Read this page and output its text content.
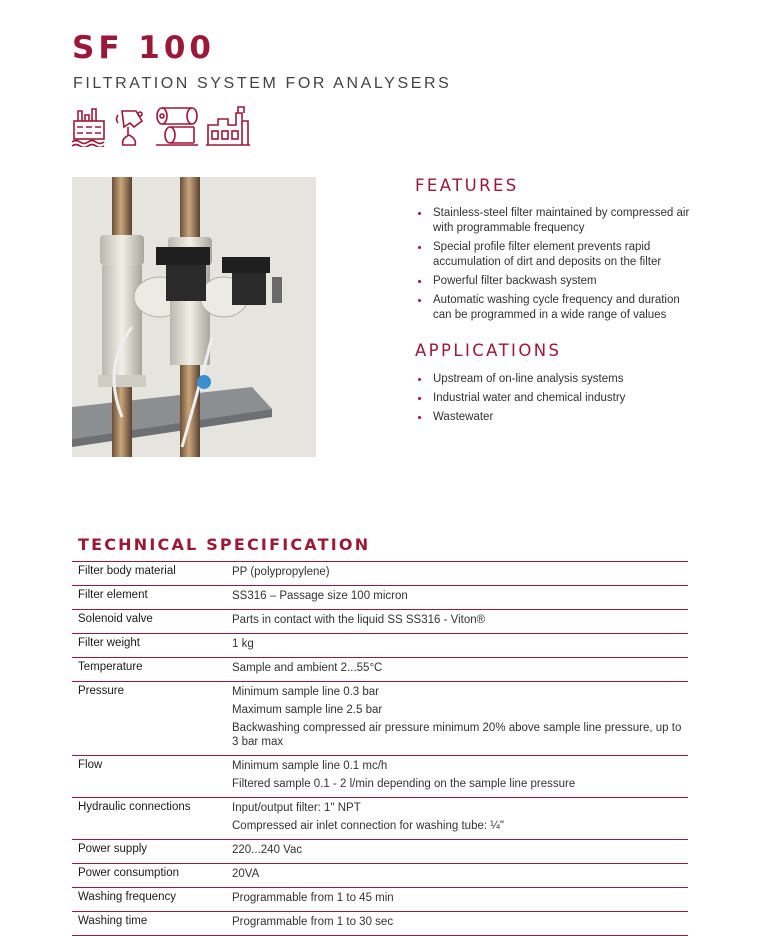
SF 100
FILTRATION SYSTEM FOR ANALYSERS
FEATURES
Stainless-steel filter maintained by compressed air with programmable frequency
Special profile filter element prevents rapid accumulation of dirt and deposits on the filter
Powerful filter backwash system
Automatic washing cycle frequency and duration can be programmed in a wide range of values
APPLICATIONS
Upstream of on-line analysis systems
Industrial water and chemical industry
Wastewater
TECHNICAL SPECIFICATION
Filter body material	PP (polypropylene)

Filter element	SS316 – Passage size 100 micron

Solenoid valve	Parts in contact with the liquid SS SS316 - Viton®

Filter weight	1 kg

Temperature	Sample and ambient 2...55°C

Pressure	Minimum sample line 0.3 bar
Maximum sample line 2.5 bar
Backwashing compressed air pressure minimum 20% above sample line pressure, up to 3 bar max

Flow	Minimum sample line 0.1 mc/h
Filtered sample 0.1 - 2 l/min depending on the sample line pressure

Hydraulic connections	Input/output filter: 1" NPT
Compressed air inlet connection for washing tube: ¼"

Power supply	220...240 Vac

Power consumption	20VA

Washing frequency	Programmable from 1 to 45 min

Washing time	Programmable from 1 to 30 sec
